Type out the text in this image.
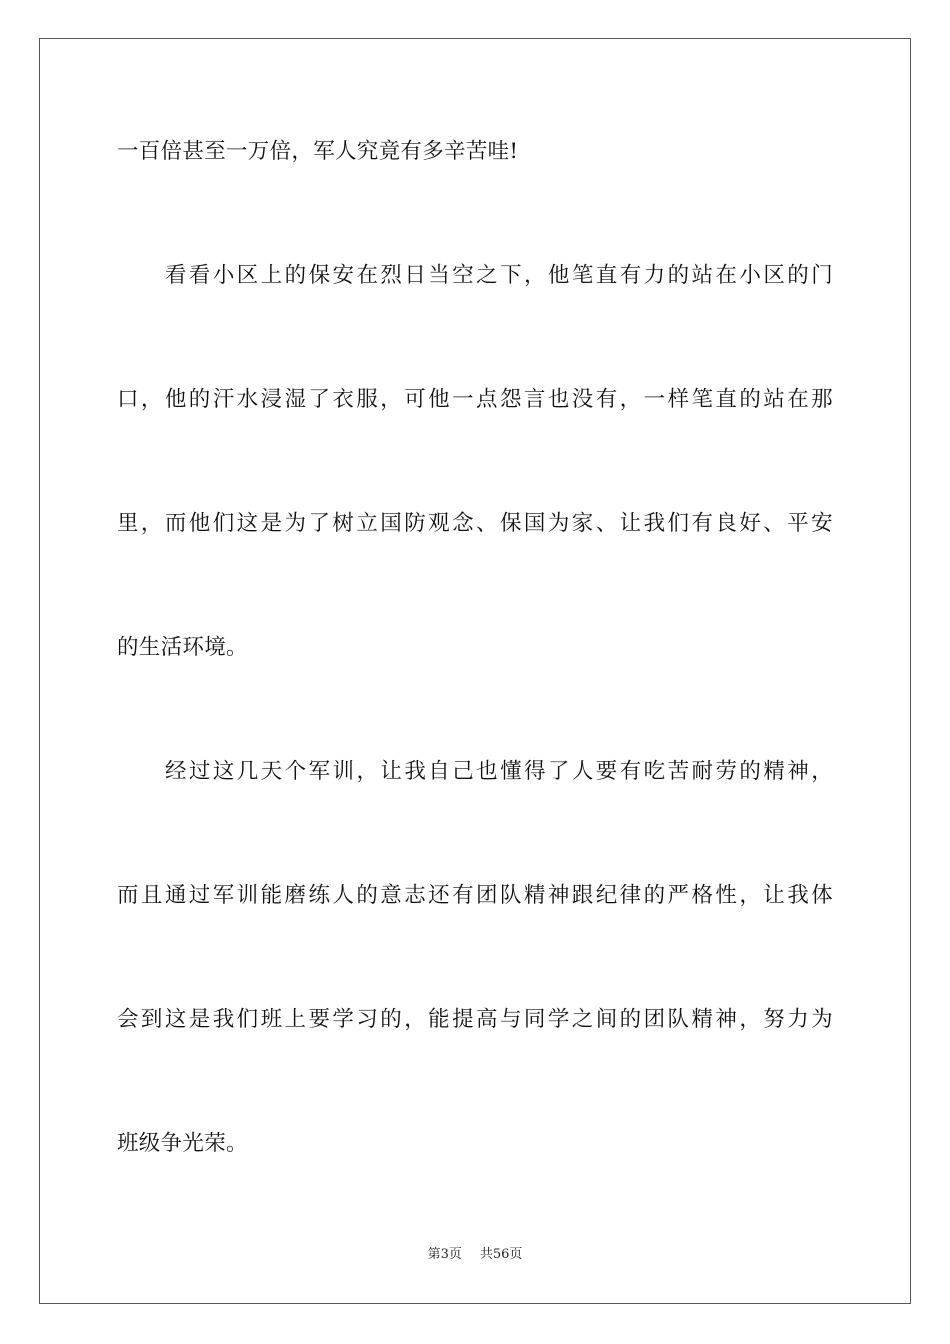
一百倍甚至一万倍，军人究竟有多辛苦哇!
看看小区上的保安在烈日当空之下，他笔直有力的站在小区的门
口，他的汗水浸湿了衣服，可他一点怨言也没有，一样笔直的站在那
里，而他们这是为了树立国防观念、保国为家、让我们有良好、平安
的生活环境。
经过这几天个军训，让我自己也懂得了人要有吃苦耐劳的精神，
而且通过军训能磨练人的意志还有团队精神跟纪律的严格性，让我体
会到这是我们班上要学习的，能提高与同学之间的团队精神，努力为
班级争光荣。
第3页 共56页
